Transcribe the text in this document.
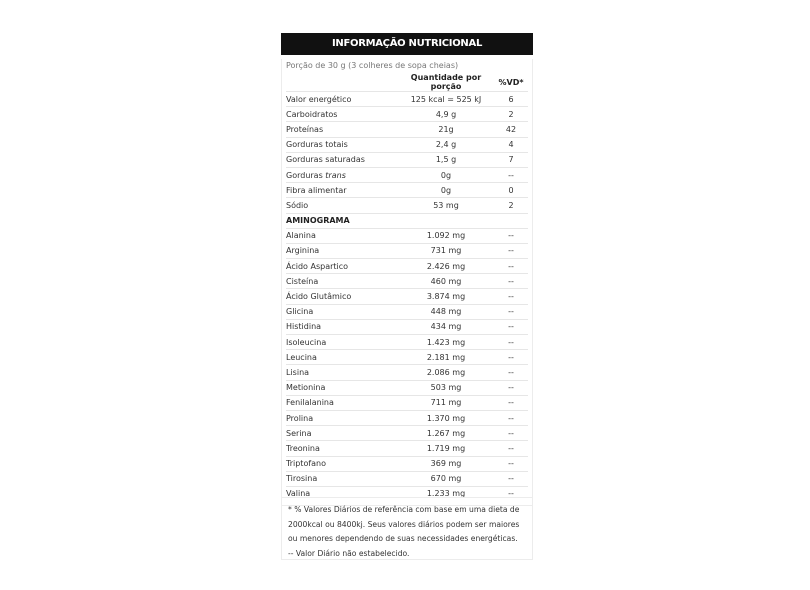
INFORMAÇÃO NUTRICIONAL
Porção de 30 g (3 colheres de sopa cheias)
	Quantidade por porção	%VD*
Valor energético	125 kcal = 525 kJ	6
Carboidratos	4,9 g	2
Proteínas	21g	42
Gorduras totais	2,4 g	4
Gorduras saturadas	1,5 g	7
Gorduras trans	0g	--
Fibra alimentar	0g	0
Sódio	53 mg	2
AMINOGRAMA		
Alanina	1.092 mg	--
Arginina	731 mg	--
Ácido Aspartico	2.426 mg	--
Cisteína	460 mg	--
Ácido Glutâmico	3.874 mg	--
Glicina	448 mg	--
Histidina	434 mg	--
Isoleucina	1.423 mg	--
Leucina	2.181 mg	--
Lisina	2.086 mg	--
Metionina	503 mg	--
Fenilalanina	711 mg	--
Prolina	1.370 mg	--
Serina	1.267 mg	--
Treonina	1.719 mg	--
Triptofano	369 mg	--
Tirosina	670 mg	--
Valina	1.233 mg	--
* % Valores Diários de referência com base em uma dieta de
2000kcal ou 8400kj. Seus valores diários podem ser maiores
ou menores dependendo de suas necessidades energéticas.
-- Valor Diário não estabelecido.
